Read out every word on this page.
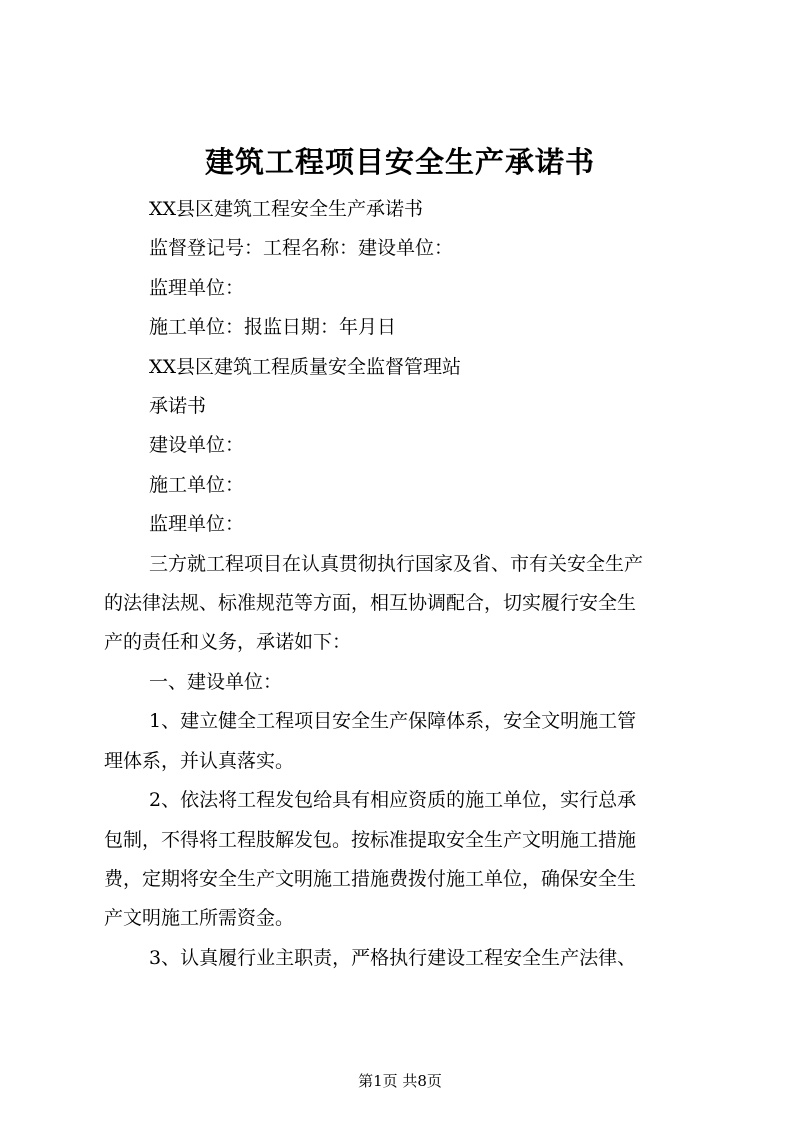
建筑工程项目安全生产承诺书

XX县区建筑工程安全生产承诺书

监督登记号：工程名称：建设单位：

监理单位：

施工单位：报监日期：年月日

XX县区建筑工程质量安全监督管理站

承诺书

建设单位：

施工单位：

监理单位：

三方就工程项目在认真贯彻执行国家及省、市有关安全生产

的法律法规、标准规范等方面，相互协调配合，切实履行安全生

产的责任和义务，承诺如下：

一、建设单位：

1、建立健全工程项目安全生产保障体系，安全文明施工管

理体系，并认真落实。

2、依法将工程发包给具有相应资质的施工单位，实行总承

包制，不得将工程肢解发包。按标准提取安全生产文明施工措施

费，定期将安全生产文明施工措施费拨付施工单位，确保安全生

产文明施工所需资金。

3、认真履行业主职责，严格执行建设工程安全生产法律、

第1页 共8页
